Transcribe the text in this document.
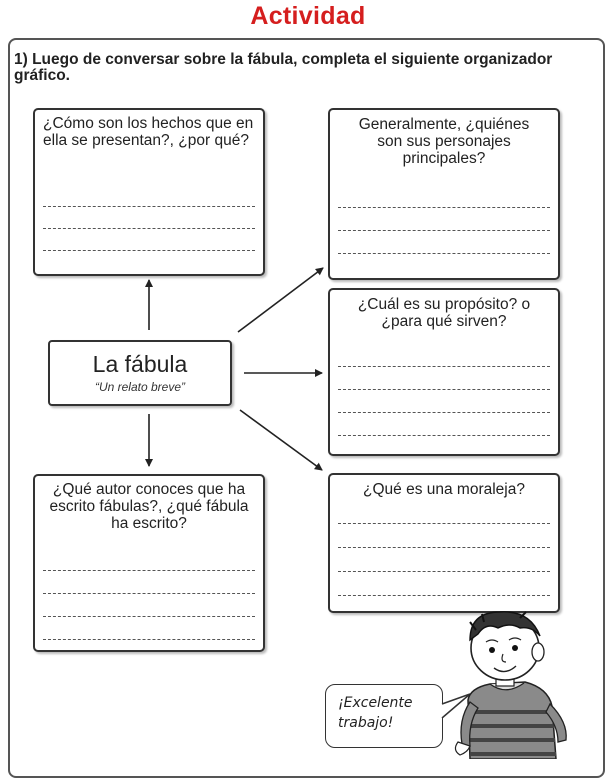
Actividad
1) Luego de conversar sobre la fábula, completa el siguiente organizador gráfico.
¿Cómo son los hechos que en ella se presentan?, ¿por qué?
¿Qué autor conoces que ha escrito fábulas?, ¿qué fábula ha escrito?
Generalmente, ¿quiénes son sus personajes principales?
¿Cuál es su propósito? o ¿para qué sirven?
¿Qué es una moraleja?
La fábula
“Un relato breve”
¡Excelente
trabajo!
